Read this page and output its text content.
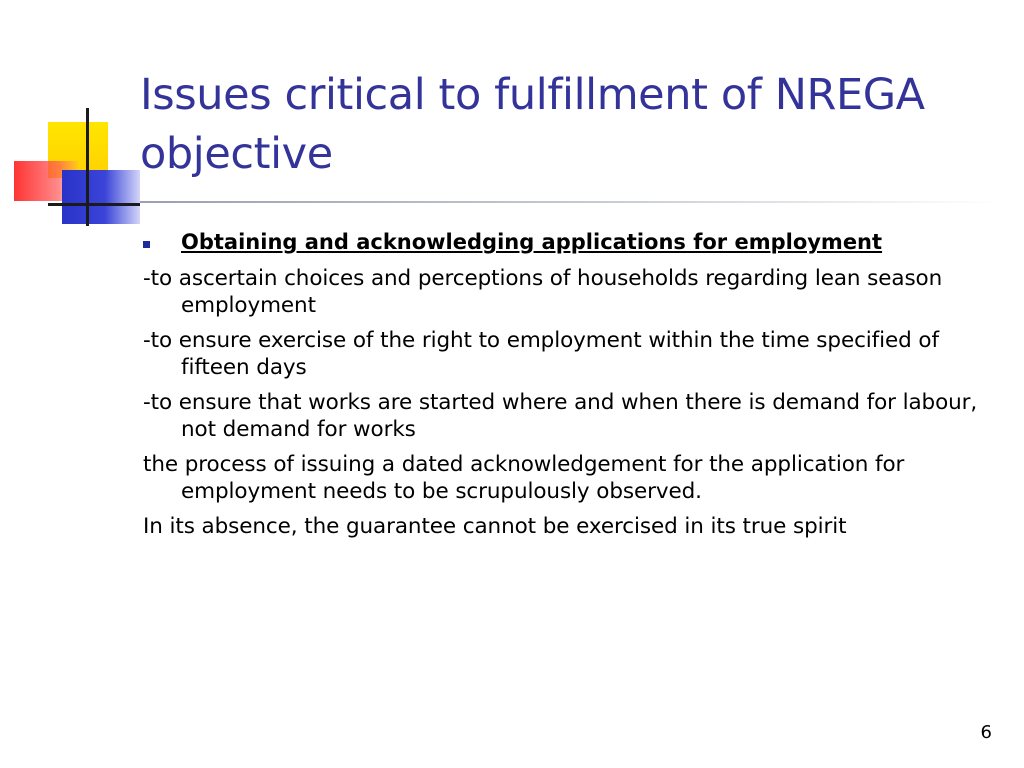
Issues critical to fulfillment of NREGA objective
Obtaining and acknowledging applications for employment

-to ascertain choices and perceptions of households regarding lean season employment

-to ensure exercise of the right to employment within the time specified of fifteen days

-to ensure that works are started where and when there is demand for labour, not demand for works

the process of issuing a dated acknowledgement for the application for employment needs to be scrupulously observed.

In its absence, the guarantee cannot be exercised in its true spirit

6
